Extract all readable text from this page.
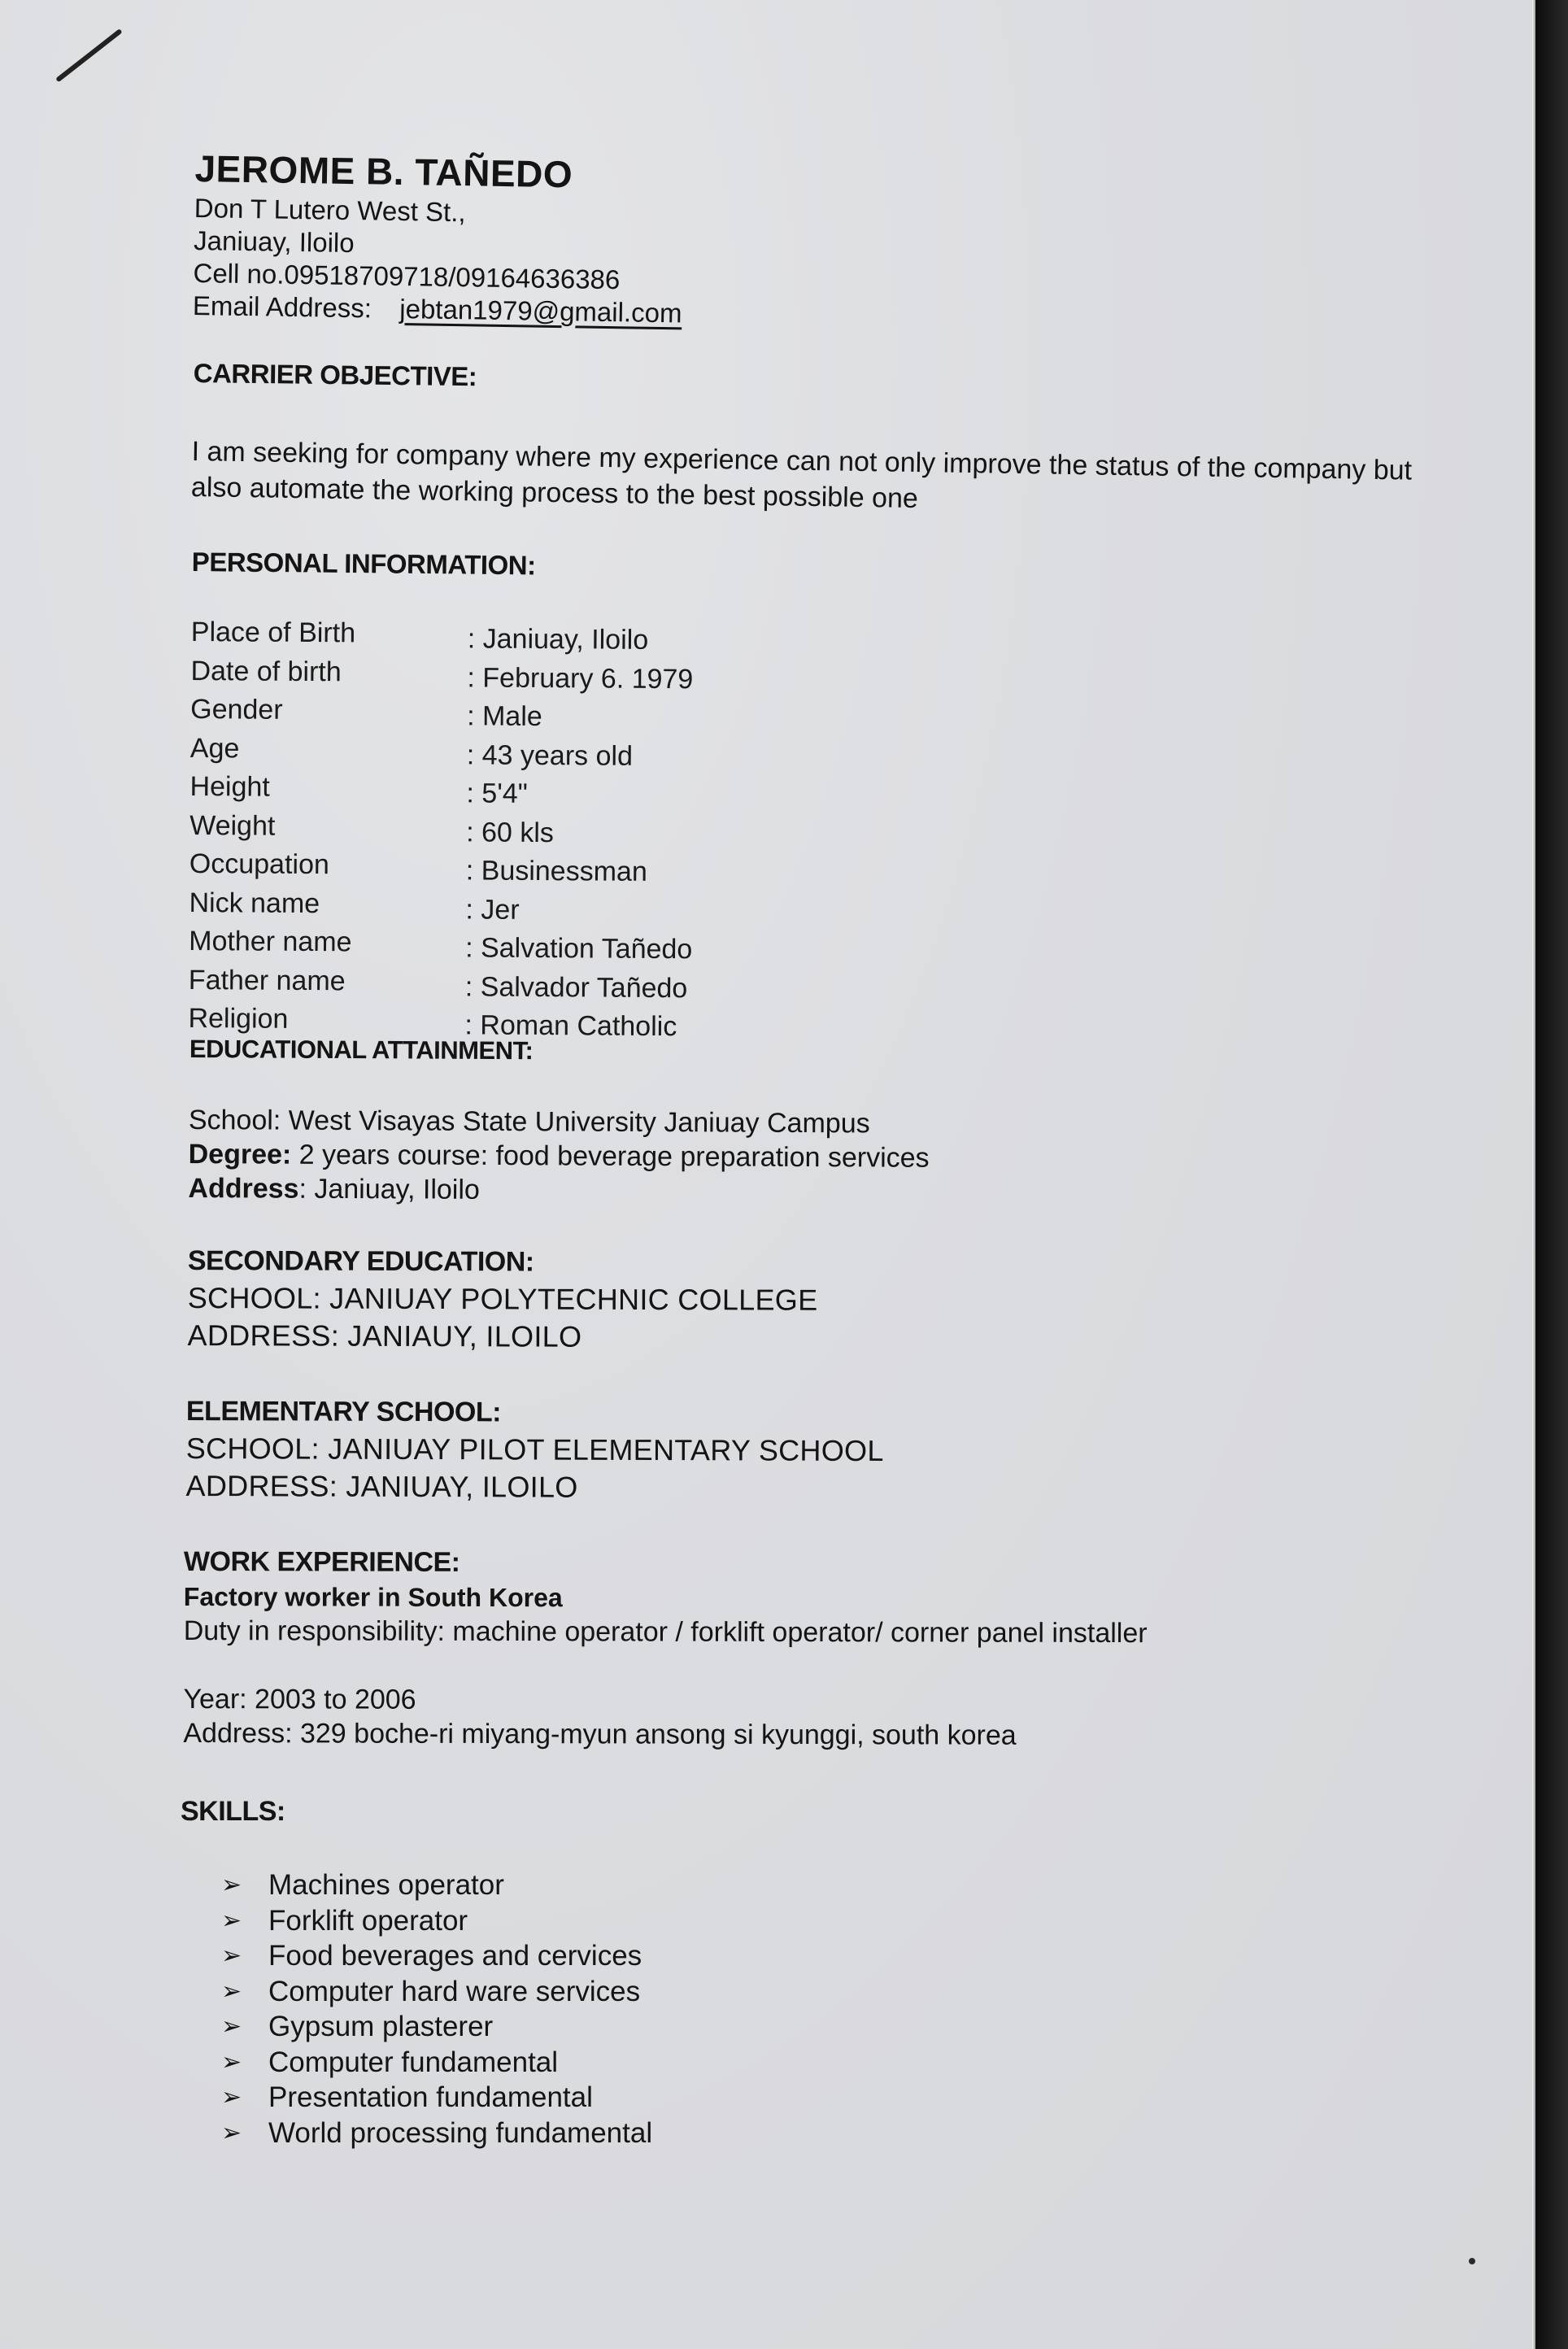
JEROME B. TAÑEDO
Don T Lutero West St.,
Janiuay, Iloilo
Cell no.09518709718/09164636386
Email Address: jebtan1979@gmail.com
CARRIER OBJECTIVE:
I am seeking for company where my experience can not only improve the status of the company but also automate the working process to the best possible one
PERSONAL INFORMATION:
Place of Birth	: Janiuay, Iloilo
Date of birth	: February 6. 1979
Gender	: Male
Age	: 43 years old
Height	: 5'4"
Weight	: 60 kls
Occupation	: Businessman
Nick name	: Jer
Mother name	: Salvation Tañedo
Father name	: Salvador Tañedo
Religion	: Roman Catholic
EDUCATIONAL ATTAINMENT:
School: West Visayas State University Janiuay Campus
Degree: 2 years course: food beverage preparation services
Address: Janiuay, Iloilo
SECONDARY EDUCATION:
SCHOOL: JANIUAY POLYTECHNIC COLLEGE
ADDRESS: JANIAUY, ILOILO
ELEMENTARY SCHOOL:
SCHOOL: JANIUAY PILOT ELEMENTARY SCHOOL
ADDRESS: JANIUAY, ILOILO
WORK EXPERIENCE:
Factory worker in South Korea
Duty in responsibility: machine operator / forklift operator/ corner panel installer
Year: 2003 to 2006
Address: 329 boche-ri miyang-myun ansong si kyunggi, south korea
SKILLS:
➢ Machines operator
➢ Forklift operator
➢ Food beverages and cervices
➢ Computer hard ware services
➢ Gypsum plasterer
➢ Computer fundamental
➢ Presentation fundamental
➢ World processing fundamental
